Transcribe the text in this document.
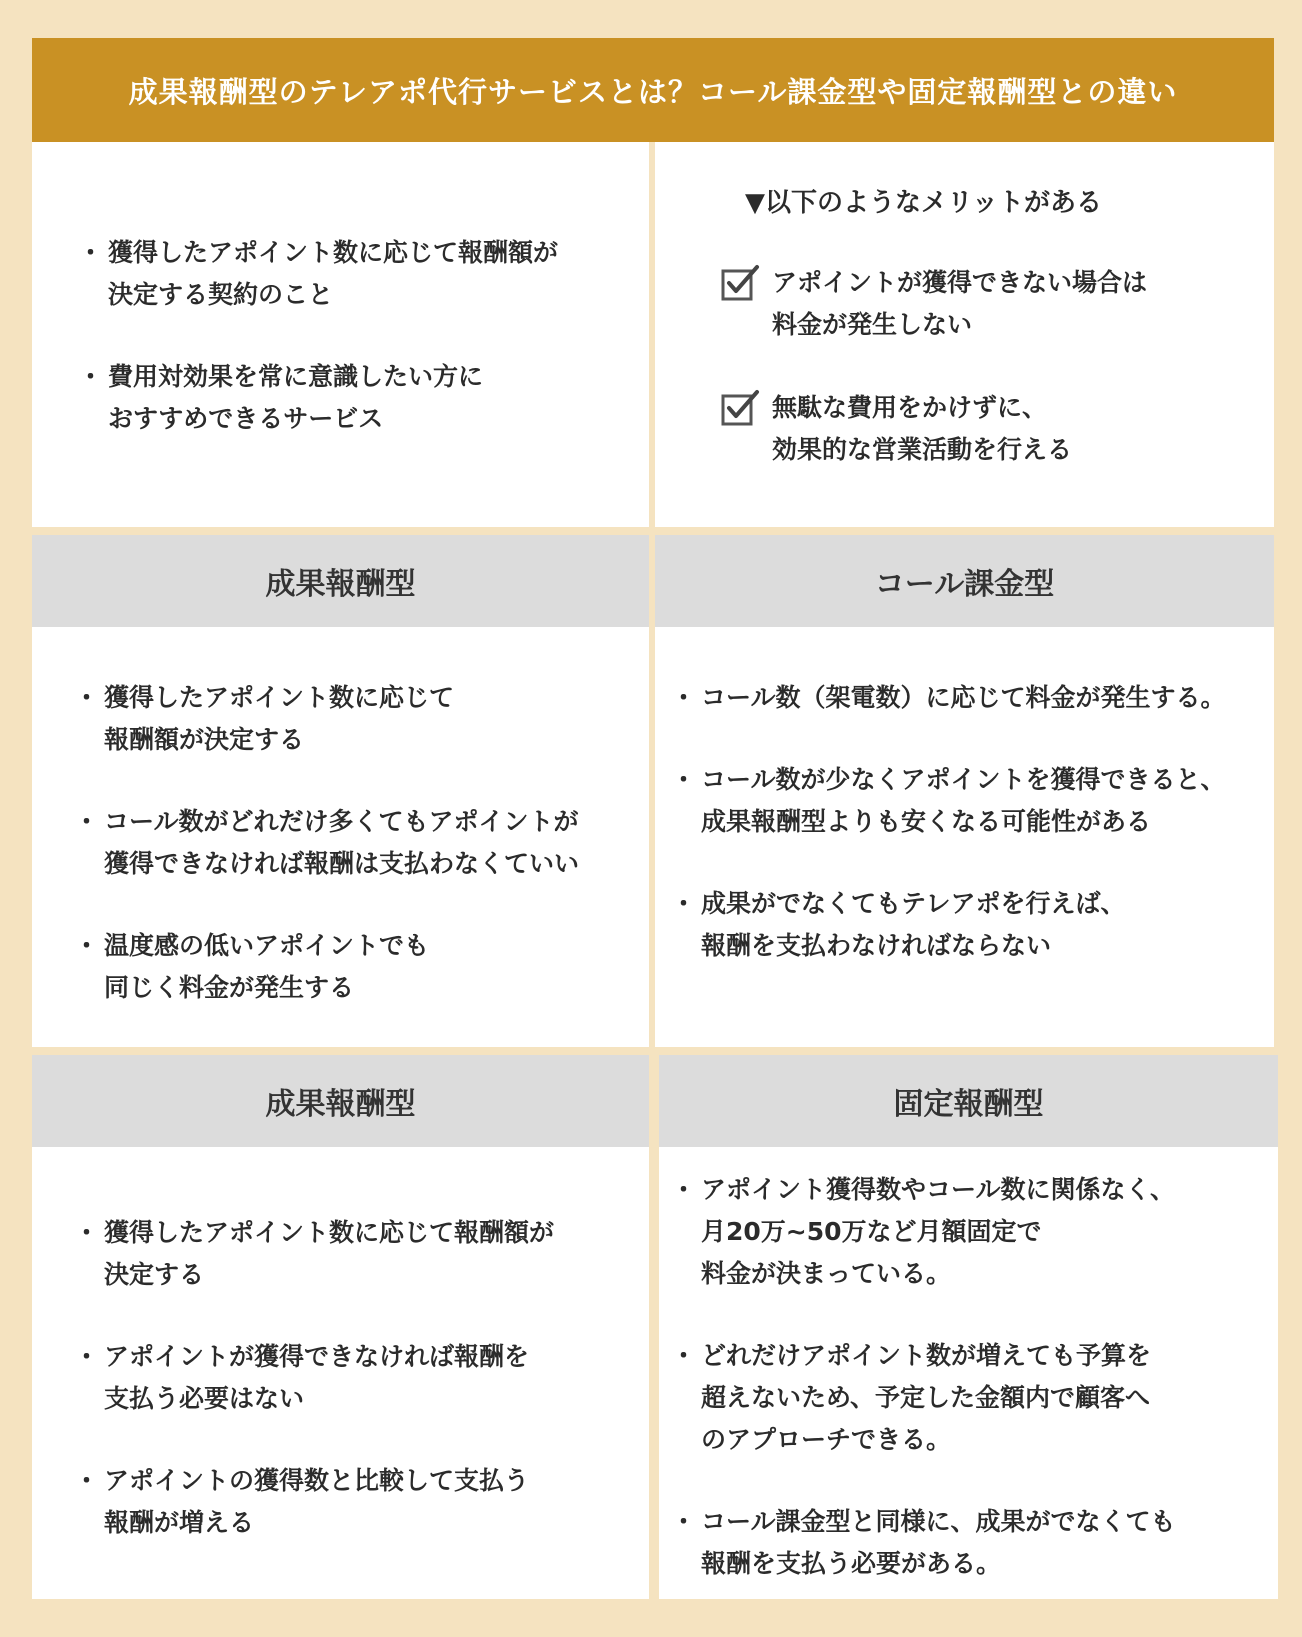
成果報酬型のテレアポ代行サービスとは？コール課金型や固定報酬型との違い
・ 獲得したアポイント数に応じて報酬額が
決定する契約のこと
・ 費用対効果を常に意識したい方に
おすすめできるサービス
▼以下のようなメリットがある
アポイントが獲得できない場合は
料金が発生しない
無駄な費用をかけずに、
効果的な営業活動を行える
成果報酬型	コール課金型
・ 獲得したアポイント数に応じて
報酬額が決定する
・ コール数がどれだけ多くてもアポイントが
獲得できなければ報酬は支払わなくていい
・ 温度感の低いアポイントでも
同じく料金が発生する
・ コール数（架電数）に応じて料金が発生する。
・ コール数が少なくアポイントを獲得できると、
成果報酬型よりも安くなる可能性がある
・ 成果がでなくてもテレアポを行えば、
報酬を支払わなければならない
成果報酬型	固定報酬型
・ 獲得したアポイント数に応じて報酬額が
決定する
・ アポイントが獲得できなければ報酬を
支払う必要はない
・ アポイントの獲得数と比較して支払う
報酬が増える
・ アポイント獲得数やコール数に関係なく、
月20万~50万など月額固定で
料金が決まっている。
・ どれだけアポイント数が増えても予算を
超えないため、予定した金額内で顧客へ
のアプローチできる。
・ コール課金型と同様に、成果がでなくても
報酬を支払う必要がある。
